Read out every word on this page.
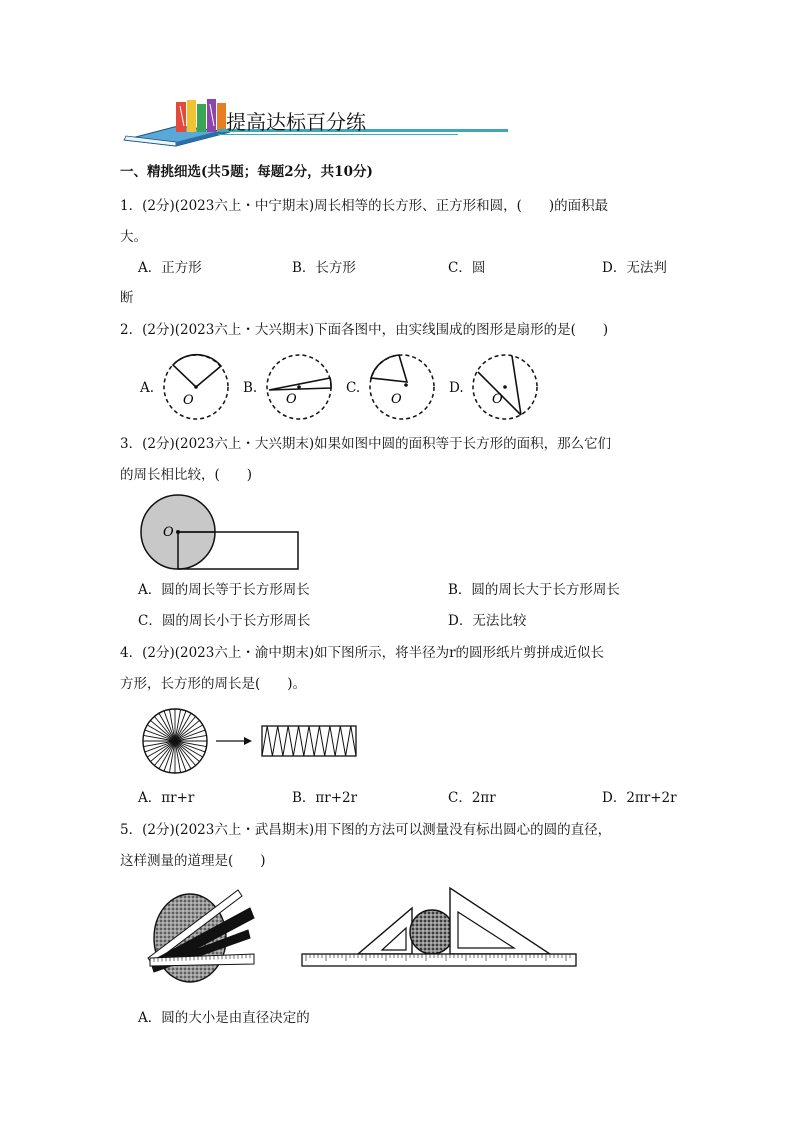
提高达标百分练
一、精挑细选(共5题；每题2分，共10分)
1．(2分)(2023六上・中宁期末)周长相等的长方形、正方形和圆，(　　)的面积最
大。
A．正方形	B．长方形	C．圆	D．无法判
断
2．(2分)(2023六上・大兴期末)下面各图中，由实线围成的图形是扇形的是(　　)
A.
O
B.
O
C.
O
D.
O
3．(2分)(2023六上・大兴期末)如果如图中圆的面积等于长方形的面积，那么它们
的周长相比较，(　　)
O
A．圆的周长等于长方形周长	B．圆的周长大于长方形周长
C．圆的周长小于长方形周长	D．无法比较
4．(2分)(2023六上・渝中期末)如下图所示，将半径为r的圆形纸片剪拼成近似长
方形，长方形的周长是(　　)。
A．πr+r	B．πr+2r	C．2πr	D．2πr+2r
5．(2分)(2023六上・武昌期末)用下图的方法可以测量没有标出圆心的圆的直径，
这样测量的道理是(　　)
A．圆的大小是由直径决定的
